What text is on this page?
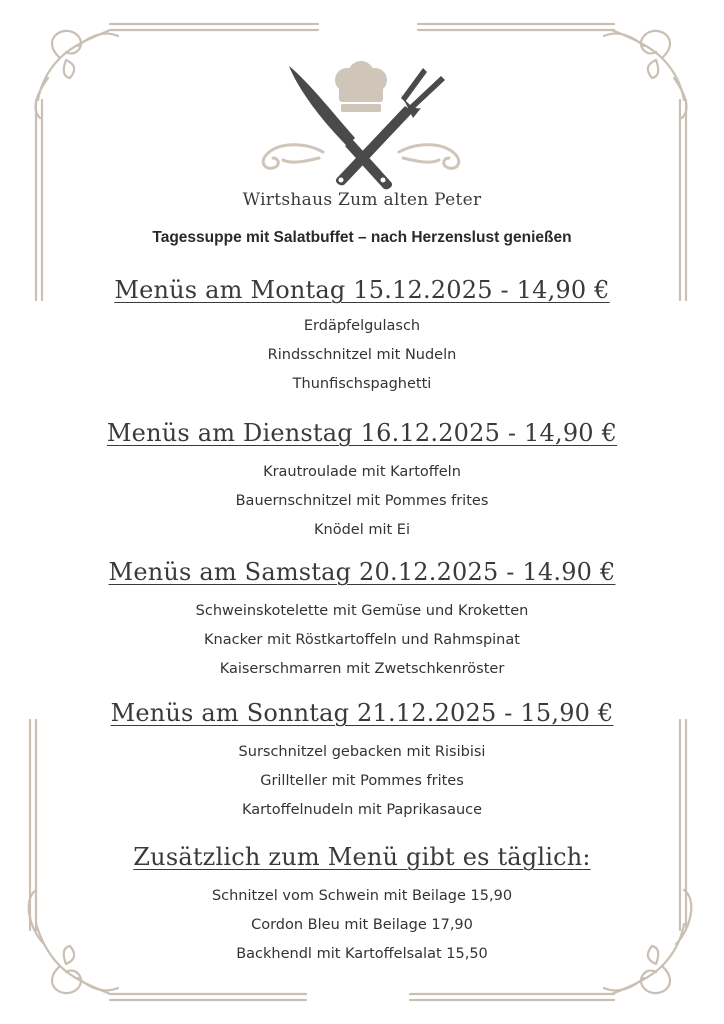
Wirtshaus Zum alten Peter
Tagessuppe mit Salatbuffet – nach Herzenslust genießen
Menüs am Montag 15.12.2025 - 14,90 €
Erdäpfelgulasch
Rindsschnitzel mit Nudeln
Thunfischspaghetti
Menüs am Dienstag 16.12.2025 - 14,90 €
Krautroulade mit Kartoffeln
Bauernschnitzel mit Pommes frites
Knödel mit Ei
Menüs am Samstag 20.12.2025 - 14.90 €
Schweinskotelette mit Gemüse und Kroketten
Knacker mit Röstkartoffeln und Rahmspinat
Kaiserschmarren mit Zwetschkenröster
Menüs am Sonntag 21.12.2025 - 15,90 €
Surschnitzel gebacken mit Risibisi
Grillteller mit Pommes frites
Kartoffelnudeln mit Paprikasauce
Zusätzlich zum Menü gibt es täglich:
Schnitzel vom Schwein mit Beilage 15,90
Cordon Bleu mit Beilage 17,90
Backhendl mit Kartoffelsalat 15,50
